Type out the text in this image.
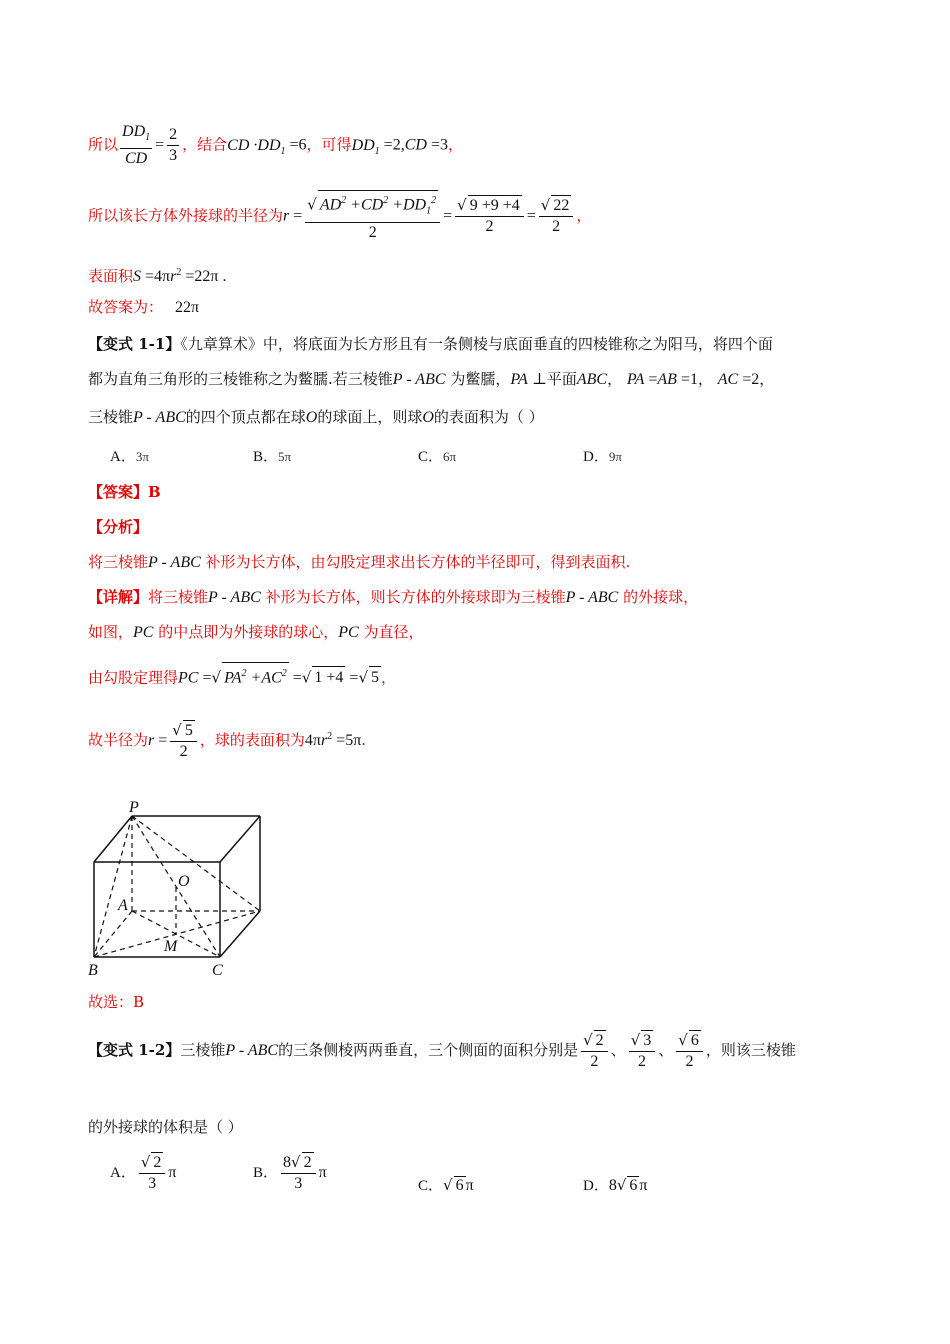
所以 $\frac{DD_1}{CD} = \frac{2}{3}$ ，结合CD $\cdot DD_1 =6$，可得$DD_1 =2,CD =3$，
所以该长方体外接球的半径为$r = \frac{√ AD^2 +CD^2 +DD_1^2}{2} = \frac{√ 9 +9 +4}{2} = \frac{√ 22}{2}$ ，
表面积$S =4\pi r^2 =22\pi$ .
故答案为： 22π
【变式 1-1】《九章算术》中，将底面为长方形且有一条侧棱与底面垂直的四棱锥称之为阳马，将四个面
都为直角三角形的三棱锥称之为鳖臑.若三棱锥P - ABC 为鳖臑，PA ⊥平面ABC， PA =AB =1， AC =2，
三棱锥P - ABC的四个顶点都在球O的球面上，则球O的表面积为（ ）
A．3π	B．5π	C．6π	D．9π
【答案】B
【分析】
将三棱锥P - ABC 补形为长方体，由勾股定理求出长方体的半径即可，得到表面积.
【详解】将三棱锥P - ABC 补形为长方体，则长方体的外接球即为三棱锥P - ABC 的外接球，
如图，PC 的中点即为外接球的球心，PC 为直径，
由勾股定理得PC =√ $PA^2 +AC^2$ =√ 1 +4 =√ 5 ，
故半径为$r = \frac{√ 5}{2}$ ，球的表面积为$4\pi r^2 =5\pi$.
P
O
A
M
B	C
故选：B
【变式 1-2】三棱锥P - ABC的三条侧棱两两垂直，三个侧面的面积分别是 $\frac{√ 2}{2}$ 、 $\frac{√ 3}{2}$ 、 $\frac{√ 6}{2}$ ，则该三棱锥
的外接球的体积是（ ）
A． $\frac{√ 2}{3}$ π	B． $\frac{8√ 2}{3}$ π
C．√ 6 π	D．8√ 6 π
